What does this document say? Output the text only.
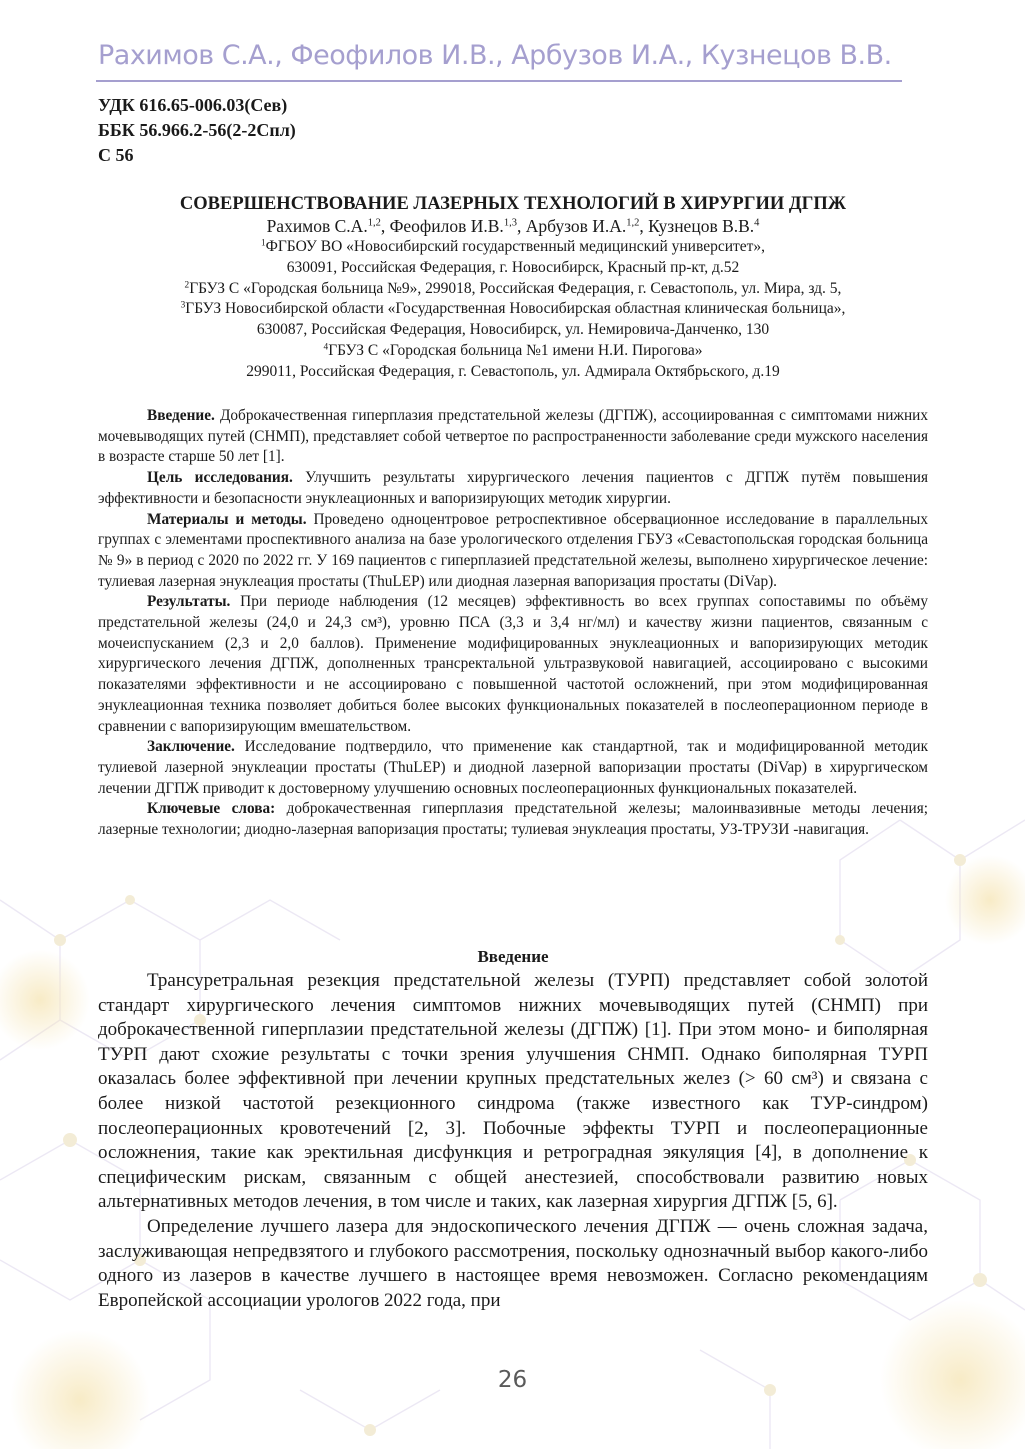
Рахимов С.А., Феофилов И.В., Арбузов И.А., Кузнецов В.В.
УДК 616.65-006.03(Сев)
ББК 56.966.2-56(2-2Спл)
С 56
СОВЕРШЕНСТВОВАНИЕ ЛАЗЕРНЫХ ТЕХНОЛОГИЙ В ХИРУРГИИ ДГПЖ
Рахимов С.А.$^{1,2}$, Феофилов И.В.$^{1,3}$, Арбузов И.А.$^{1,2}$, Кузнецов В.В.$^4$
$^1$ФГБОУ ВО «Новосибирский государственный медицинский университет»,
630091, Российская Федерация, г. Новосибирск, Красный пр-кт, д.52
$^2$ГБУЗ С «Городская больница №9», 299018, Российская Федерация, г. Севастополь, ул. Мира, зд. 5,
$^3$ГБУЗ Новосибирской области «Государственная Новосибирская областная клиническая больница»,
630087, Российская Федерация, Новосибирск, ул. Немировича-Данченко, 130
$^4$ГБУЗ С «Городская больница №1 имени Н.И. Пирогова»
299011, Российская Федерация, г. Севастополь, ул. Адмирала Октябрьского, д.19

Введение. Доброкачественная гиперплазия предстательной железы (ДГПЖ), ассоциированная с симптомами нижних мочевыводящих путей (СНМП), представляет собой четвертое по распространенности заболевание среди мужского населения в возрасте старше 50 лет [1].

Цель исследования. Улучшить результаты хирургического лечения пациентов с ДГПЖ путём повышения эффективности и безопасности энуклеационных и вапоризирующих методик хирургии.

Материалы и методы. Проведено одноцентровое ретроспективное обсервационное исследование в параллельных группах с элементами проспективного анализа на базе урологического отделения ГБУЗ «Севастопольская городская больница № 9» в период с 2020 по 2022 гг. У 169 пациентов с гиперплазией предстательной железы, выполнено хирургическое лечение: тулиевая лазерная энуклеация простаты (ThuLEP) или диодная лазерная вапоризация простаты (DiVap).

Результаты. При периоде наблюдения (12 месяцев) эффективность во всех группах сопоставимы по объёму предстательной железы (24,0 и 24,3 см³), уровню ПСА (3,3 и 3,4 нг/мл) и качеству жизни пациентов, связанным с мочеиспусканием (2,3 и 2,0 баллов). Применение модифицированных энуклеационных и вапоризирующих методик хирургического лечения ДГПЖ, дополненных трансректальной ультразвуковой навигацией, ассоциировано с высокими показателями эффективности и не ассоциировано с повышенной частотой осложнений, при этом модифицированная энуклеационная техника позволяет добиться более высоких функциональных показателей в послеоперационном периоде в сравнении с вапоризирующим вмешательством.

Заключение. Исследование подтвердило, что применение как стандартной, так и модифицированной методик тулиевой лазерной энуклеации простаты (ThuLEP) и диодной лазерной вапоризации простаты (DiVap) в хирургическом лечении ДГПЖ приводит к достоверному улучшению основных послеоперационных функциональных показателей.

Ключевые слова: доброкачественная гиперплазия предстательной железы; малоинвазивные методы лечения; лазерные технологии; диодно-лазерная вапоризация простаты; тулиевая энуклеация простаты, УЗ-ТРУЗИ -навигация.

Введение

Трансуретральная резекция предстательной железы (ТУРП) представляет собой золотой стандарт хирургического лечения симптомов нижних мочевыводящих путей (СНМП) при доброкачественной гиперплазии предстательной железы (ДГПЖ) [1]. При этом моно- и биполярная ТУРП дают схожие результаты с точки зрения улучшения СНМП. Однако биполярная ТУРП оказалась более эффективной при лечении крупных предстательных желез (> 60 см³) и связана с более низкой частотой резекционного синдрома (также известного как ТУР-синдром) послеоперационных кровотечений [2, 3]. Побочные эффекты ТУРП и послеоперационные осложнения, такие как эректильная дисфункция и ретроградная эякуляция [4], в дополнение к специфическим рискам, связанным с общей анестезией, способствовали развитию новых альтернативных методов лечения, в том числе и таких, как лазерная хирургия ДГПЖ [5, 6].

Определение лучшего лазера для эндоскопического лечения ДГПЖ — очень сложная задача, заслуживающая непредвзятого и глубокого рассмотрения, поскольку однозначный выбор какого-либо одного из лазеров в качестве лучшего в настоящее время невозможен. Согласно рекомендациям Европейской ассоциации урологов 2022 года, при

26
